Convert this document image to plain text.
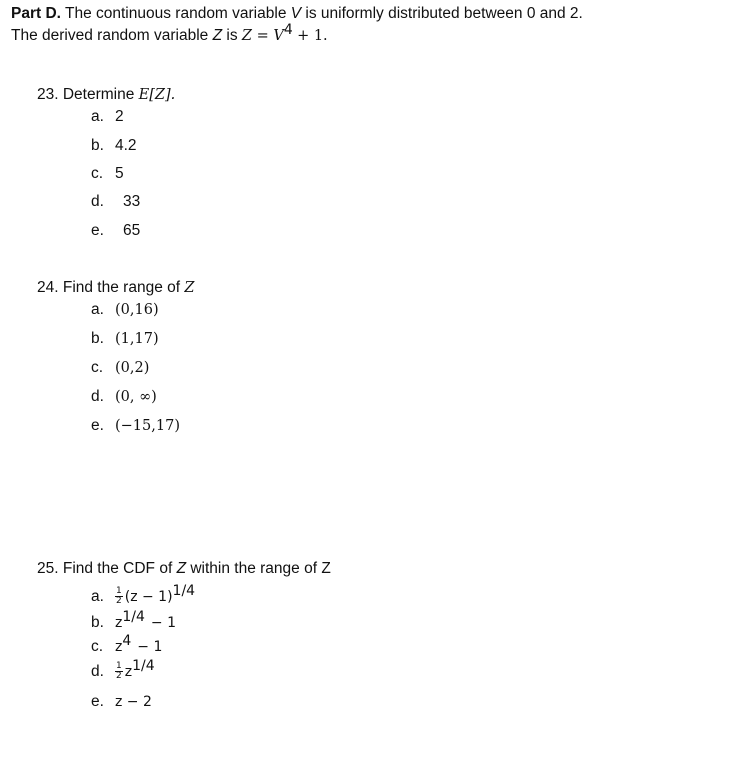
Part D. The continuous random variable V is uniformly distributed between 0 and 2.
The derived random variable Z is $Z = V^4 + 1$.
23. Determine E[Z].
a. 2
b. 4.2
c. 5
d. 33
e. 65
24. Find the range of Z
a. (0,16)
b. (1,17)
c. (0,2)
d. (0, ∞)
e. (−15,17)
25. Find the CDF of Z within the range of Z
a. $\frac{1}{2} (z - 1)^{1/4}$
b. $z^{1/4} - 1$
c. $z^4 - 1$
d. $\frac{1}{2} z^{1/4}$
e. z − 2
